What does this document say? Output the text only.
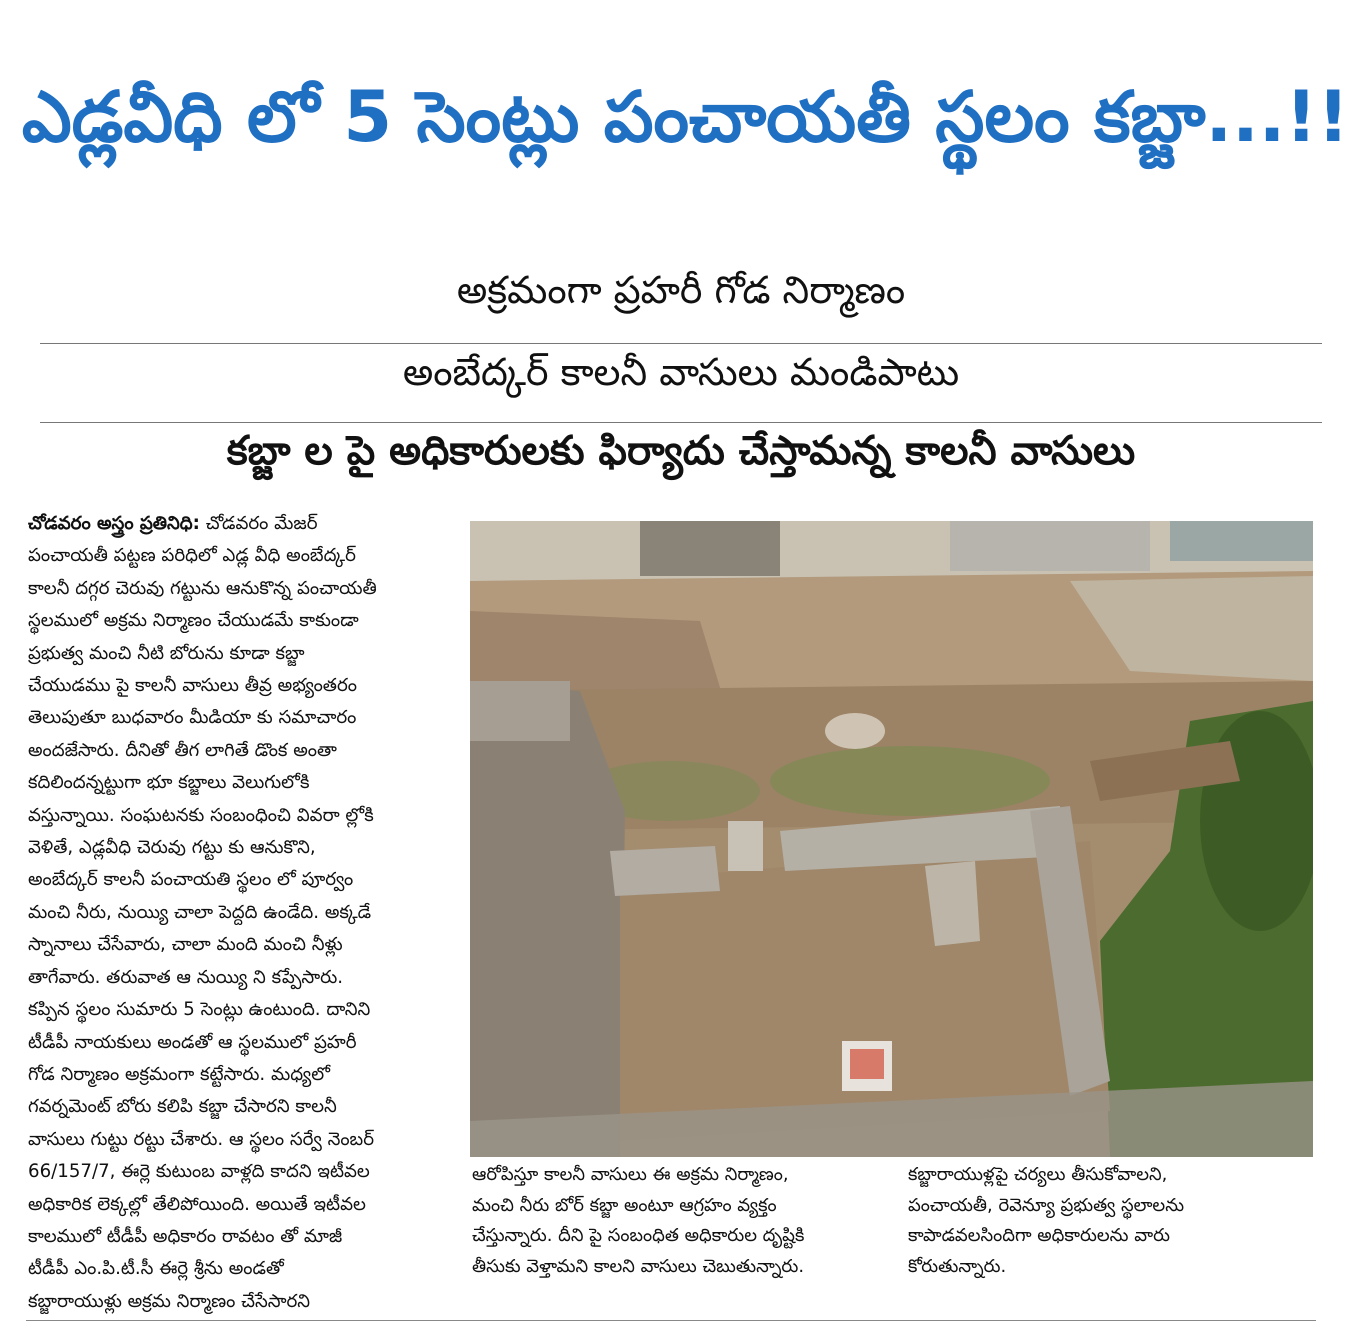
ఎడ్లవీధి లో 5 సెంట్లు పంచాయతీ స్థలం కబ్జా...!!
అక్రమంగా ప్రహరీ గోడ నిర్మాణం
అంబేద్కర్ కాలనీ వాసులు మండిపాటు
కబ్జా ల పై అధికారులకు ఫిర్యాదు చేస్తామన్న కాలనీ వాసులు
చోడవరం అస్త్రం ప్రతినిధి: చోడవరం మేజర్
పంచాయతీ పట్టణ పరిధిలో ఎడ్ల వీధి అంబేద్కర్
కాలనీ దగ్గర చెరువు గట్టును ఆనుకొన్న పంచాయతీ
స్థలములో అక్రమ నిర్మాణం చేయుడమే కాకుండా
ప్రభుత్వ మంచి నీటి బోరును కూడా కబ్జా
చేయుడము పై కాలనీ వాసులు తీవ్ర అభ్యంతరం
తెలుపుతూ బుధవారం మీడియా కు సమాచారం
అందజేసారు. దీనితో తీగ లాగితే డొంక అంతా
కదిలిందన్నట్టుగా భూ కబ్జాలు వెలుగులోకి
వస్తున్నాయి. సంఘటనకు సంబంధించి వివరా ల్లోకి
వెళితే, ఎడ్లవీధి చెరువు గట్టు కు ఆనుకొని,
అంబేద్కర్ కాలనీ పంచాయతి స్థలం లో పూర్వం
మంచి నీరు, నుయ్యి చాలా పెద్దది ఉండేది. అక్కడే
స్నానాలు చేసేవారు, చాలా మంది మంచి నీళ్లు
తాగేవారు. తరువాత ఆ నుయ్యి ని కప్పేసారు.
కప్పిన స్థలం సుమారు 5 సెంట్లు ఉంటుంది. దానిని
టీడీపీ నాయకులు అండతో ఆ స్థలములో ప్రహరీ
గోడ నిర్మాణం అక్రమంగా కట్టేసారు. మధ్యలో
గవర్నమెంట్ బోరు కలిపి కబ్జా చేసారని కాలనీ
వాసులు గుట్టు రట్టు చేశారు. ఆ స్థలం సర్వే నెంబర్
66/157/7, ఈర్లె కుటుంబ వాళ్లది కాదని ఇటీవల
అధికారిక లెక్కల్లో తేలిపోయింది. అయితే ఇటీవల
కాలములో టీడీపీ అధికారం రావటం తో మాజీ
టీడీపీ ఎం.పి.టీ.సీ ఈర్లె శ్రీను అండతో
కబ్జారాయుళ్లు అక్రమ నిర్మాణం చేసేసారని
ఆరోపిస్తూ కాలనీ వాసులు ఈ అక్రమ నిర్మాణం,
మంచి నీరు బోర్ కబ్జా అంటూ ఆగ్రహం వ్యక్తం
చేస్తున్నారు. దీని పై సంబంధిత అధికారుల దృష్టికి
తీసుకు వెళ్తామని కాలని వాసులు చెబుతున్నారు.
కబ్జారాయుళ్లపై చర్యలు తీసుకోవాలని,
పంచాయతీ, రెవెన్యూ ప్రభుత్వ స్థలాలను
కాపాడవలసిందిగా అధికారులను వారు
కోరుతున్నారు.
